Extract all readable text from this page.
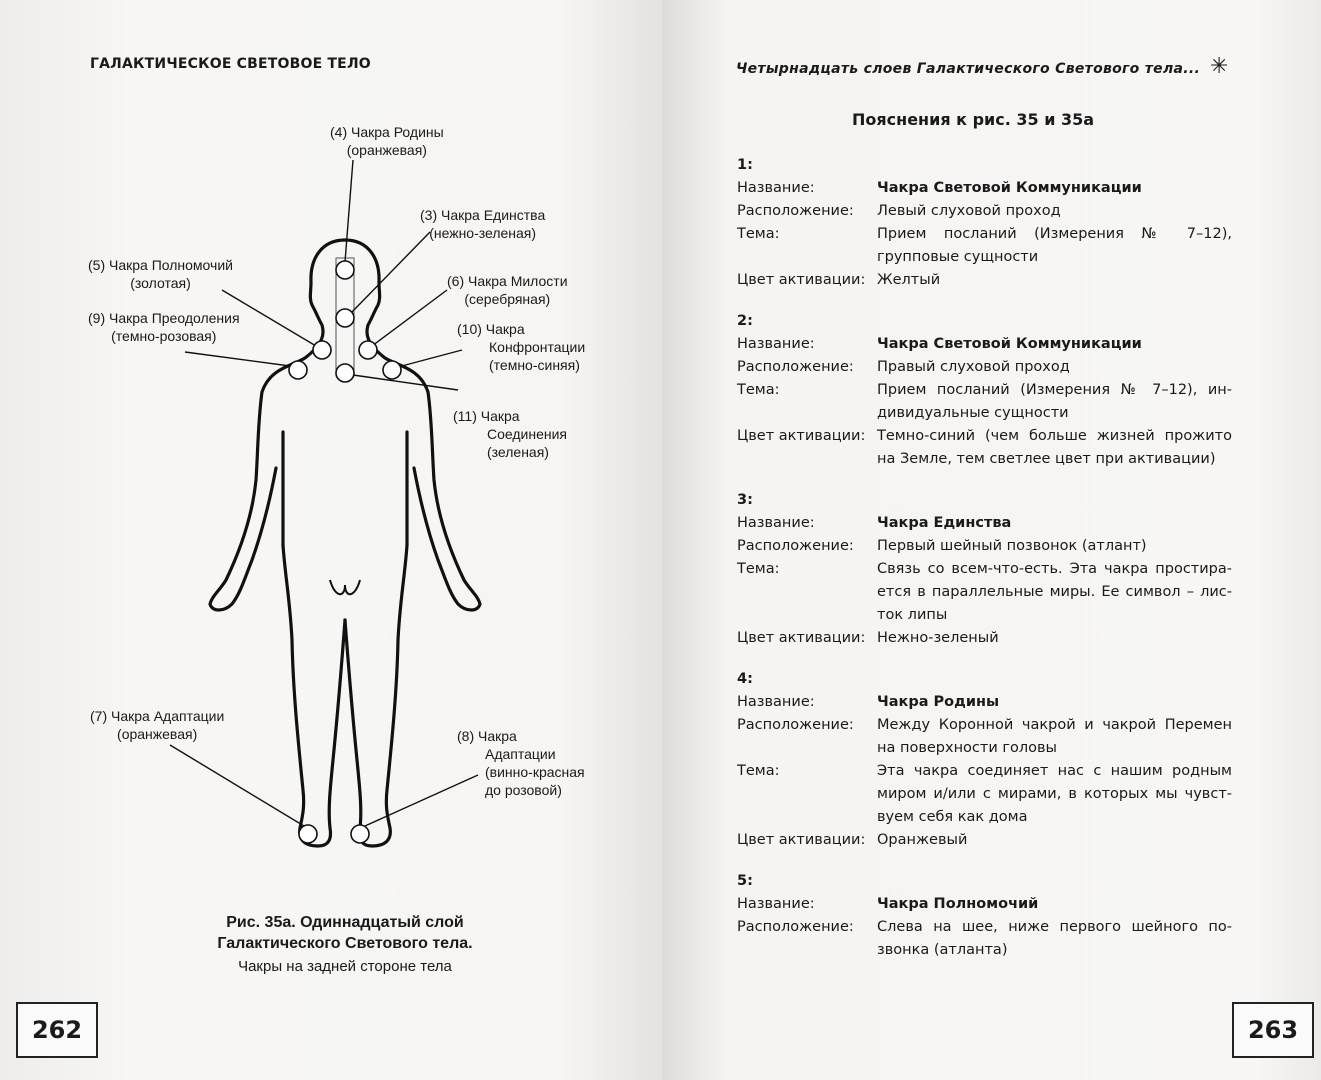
ГАЛАКТИЧЕСКОЕ СВЕТОВОЕ ТЕЛО
(4) Чакра Родины
(оранжевая)
(3) Чакра Единства
(нежно-зеленая)
(5) Чакра Полномочий
(золотая)	(6) Чакра Милости
(серебряная)
(9) Чакра Преодоления
(темно-розовая)	(10) Чакра
Конфронтации
(темно-синяя)
(11) Чакра
Соединения
(зеленая)
(7) Чакра Адаптации
(оранжевая)	(8) Чакра
Адаптации
(винно-красная
до розовой)
Рис. 35а. Одиннадцатый слой
Галактического Светового тела.
Чакры на задней стороне тела
262
Четырнадцать слоев Галактического Светового тела... ✳
Пояснения к рис. 35 и 35а
1:
Название:	Чакра Световой Коммуникации
Расположение:	Левый слуховой проход
Тема:	Прием посланий (Измерения № 7–12), групповые сущности
Цвет активации: Желтый
2:
Название:	Чакра Световой Коммуникации
Расположение:	Правый слуховой проход
Тема:	Прием посланий (Измерения № 7–12), индивидуальные сущности
Цвет активации: Темно-синий (чем больше жизней прожито на Земле, тем светлее цвет при активации)
3:
Название:	Чакра Единства
Расположение:	Первый шейный позвонок (атлант)
Тема:	Связь со всем-что-есть. Эта чакра простирается в параллельные миры. Ее символ – листок липы
Цвет активации: Нежно-зеленый
4:
Название:	Чакра Родины
Расположение:	Между Коронной чакрой и чакрой Перемен на поверхности головы
Тема:	Эта чакра соединяет нас с нашим родным миром и/или с мирами, в которых мы чувствуем себя как дома
Цвет активации: Оранжевый
5:
Название:	Чакра Полномочий
Расположение:	Слева на шее, ниже первого шейного позвонка (атланта)
263
